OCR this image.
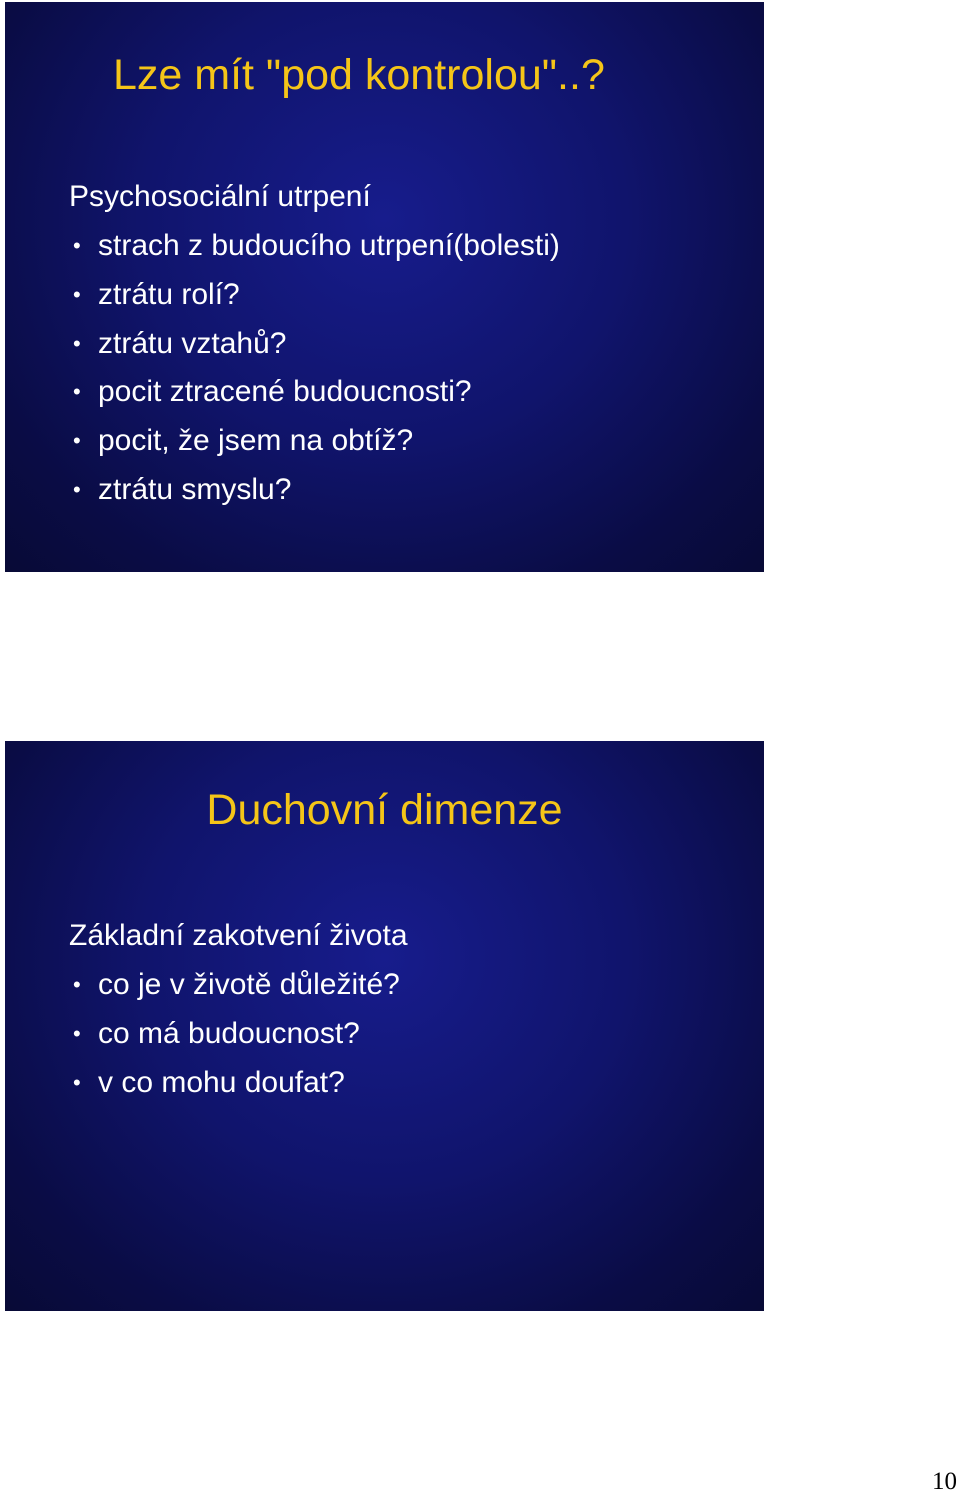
Lze mít "pod kontrolou"..?
Psychosociální utrpení
• strach z budoucího utrpení(bolesti)
• ztrátu rolí?
• ztrátu vztahů?
• pocit ztracené budoucnosti?
• pocit, že jsem na obtíž?
• ztrátu smyslu?
Duchovní dimenze
Základní zakotvení života
• co je v životě důležité?
• co má budoucnost?
• v co mohu doufat?
10
